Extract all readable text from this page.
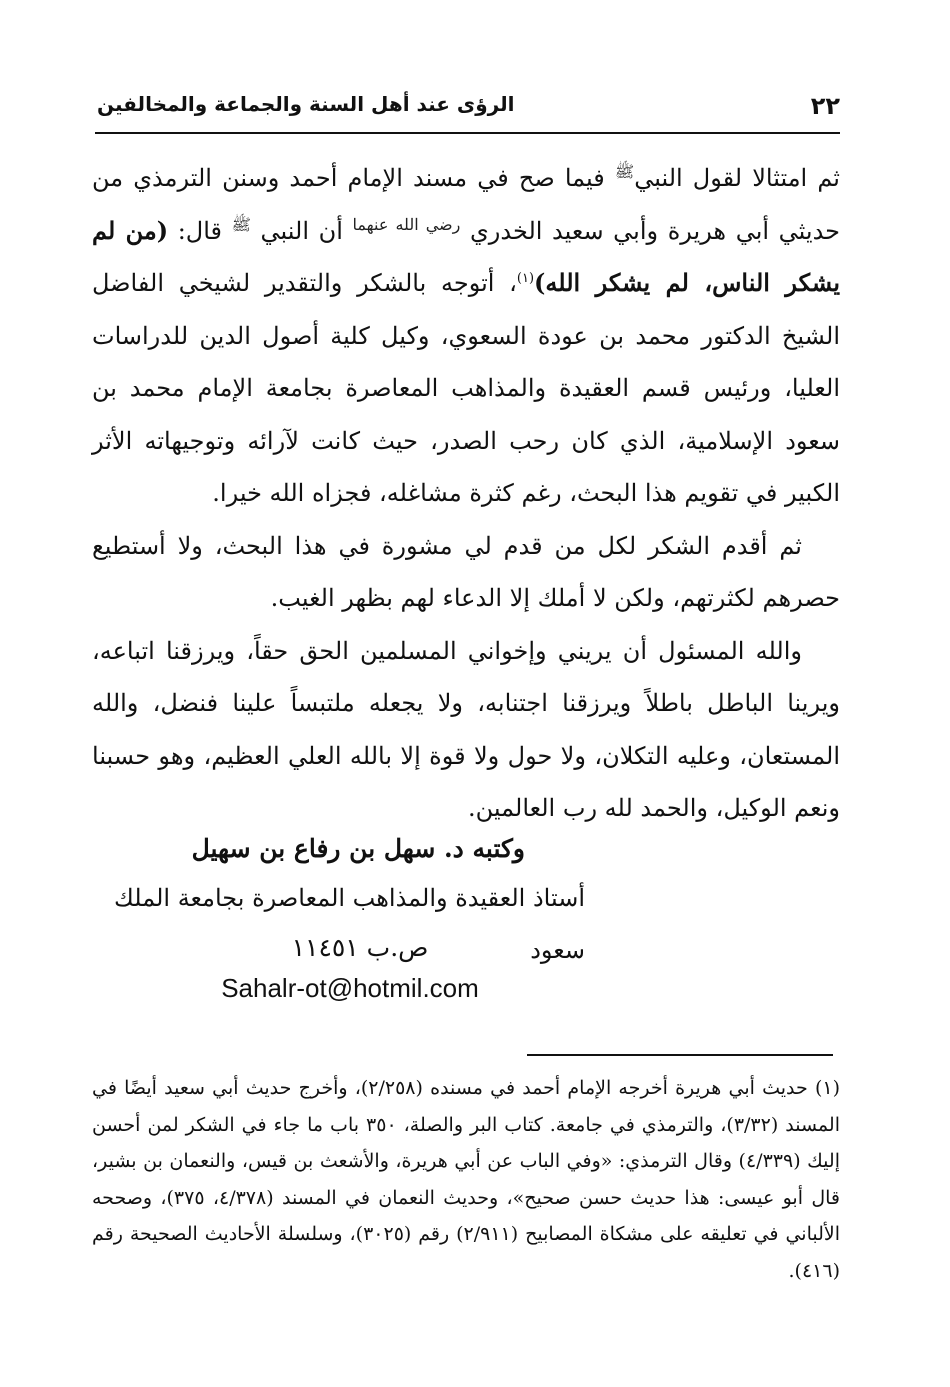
٢٢
الرؤى عند أهل السنة والجماعة والمخالفين

ثم امتثالا لقول النبي$^ﷺ$ فيما صح في مسند الإمام أحمد وسنن الترمذي من حديثي أبي هريرة وأبي سعيد الخدري $^{رضي الله عنهما}$ أن النبي $^ﷺ$ قال: (من لم يشكر الناس، لم يشكر الله)$^{(١)}$، أتوجه بالشكر والتقدير لشيخي الفاضل الشيخ الدكتور محمد بن عودة السعوي، وكيل كلية أصول الدين للدراسات العليا، ورئيس قسم العقيدة والمذاهب المعاصرة بجامعة الإمام محمد بن سعود الإسلامية، الذي كان رحب الصدر، حيث كانت لآرائه وتوجيهاته الأثر الكبير في تقويم هذا البحث، رغم كثرة مشاغله، فجزاه الله خيرا.

ثم أقدم الشكر لكل من قدم لي مشورة في هذا البحث، ولا أستطيع حصرهم لكثرتهم، ولكن لا أملك إلا الدعاء لهم بظهر الغيب.

والله المسئول أن يريني وإخواني المسلمين الحق حقاً، ويرزقنا اتباعه، ويرينا الباطل باطلاً ويرزقنا اجتنابه، ولا يجعله ملتبساً علينا فنضل، والله المستعان، وعليه التكلان، ولا حول ولا قوة إلا بالله العلي العظيم، وهو حسبنا ونعم الوكيل، والحمد لله رب العالمين.

وكتبه د. سهل بن رفاع بن سهيل
أستاذ العقيدة والمذاهب المعاصرة بجامعة الملك سعود
ص.ب ١١٤٥١
Sahalr-ot@hotmil.com

(١) حديث أبي هريرة أخرجه الإمام أحمد في مسنده (٢/٢٥٨)، وأخرج حديث أبي سعيد أيضًا في المسند (٣/٣٢)، والترمذي في جامعة. كتاب البر والصلة، ٣٥٠ باب ما جاء في الشكر لمن أحسن إليك (٤/٣٣٩) وقال الترمذي: «وفي الباب عن أبي هريرة، والأشعث بن قيس، والنعمان بن بشير، قال أبو عيسى: هذا حديث حسن صحيح»، وحديث النعمان في المسند (٤/٣٧٨، ٣٧٥)، وصححه الألباني في تعليقه على مشكاة المصابيح (٢/٩١١) رقم (٣٠٢٥)، وسلسلة الأحاديث الصحيحة رقم (٤١٦).
